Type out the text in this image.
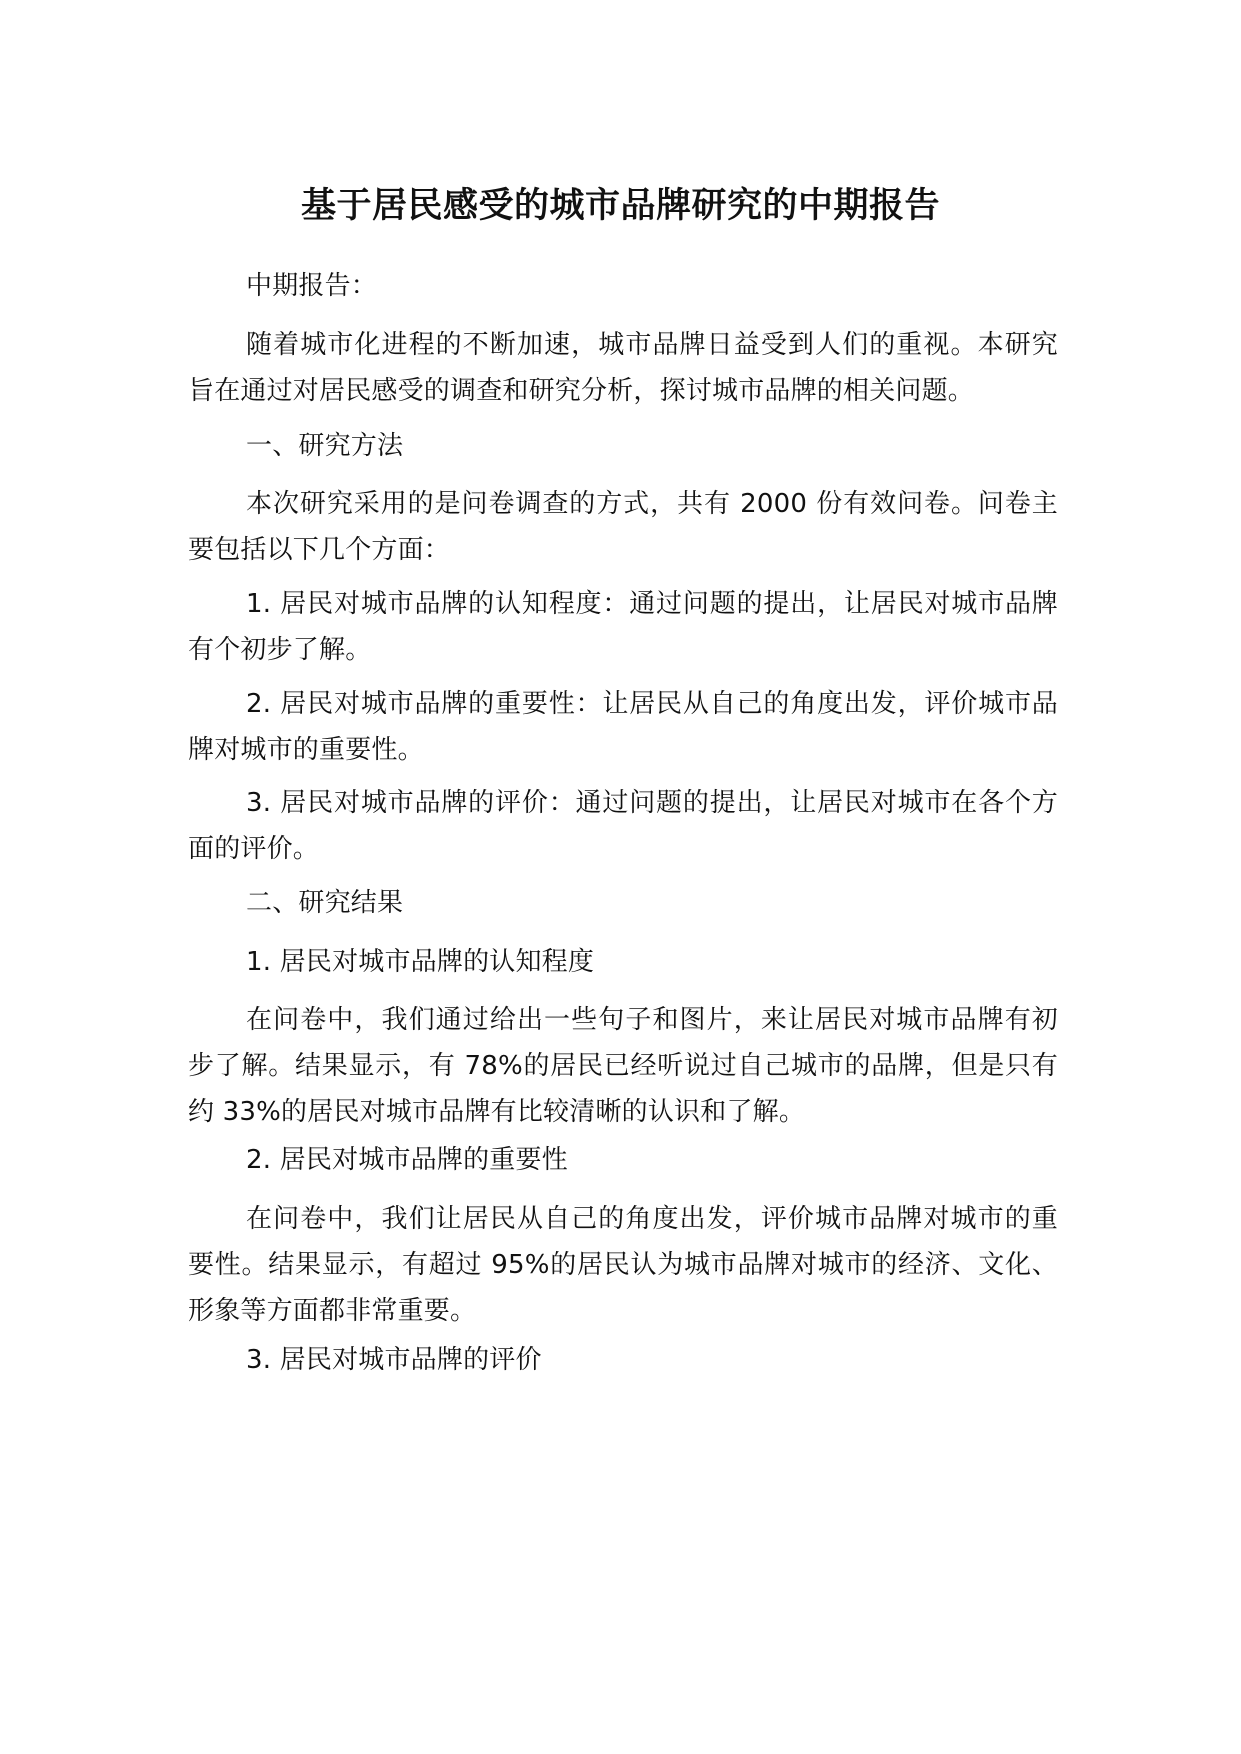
基于居民感受的城市品牌研究的中期报告

中期报告：

随着城市化进程的不断加速，城市品牌日益受到人们的重视。本研究旨在通过对居民感受的调查和研究分析，探讨城市品牌的相关问题。

一、研究方法

本次研究采用的是问卷调查的方式，共有 2000 份有效问卷。问卷主要包括以下几个方面：

1. 居民对城市品牌的认知程度：通过问题的提出，让居民对城市品牌有个初步了解。

2. 居民对城市品牌的重要性：让居民从自己的角度出发，评价城市品牌对城市的重要性。

3. 居民对城市品牌的评价：通过问题的提出，让居民对城市在各个方面的评价。

二、研究结果

1. 居民对城市品牌的认知程度

在问卷中，我们通过给出一些句子和图片，来让居民对城市品牌有初步了解。结果显示，有 78%的居民已经听说过自己城市的品牌，但是只有约 33%的居民对城市品牌有比较清晰的认识和了解。

2. 居民对城市品牌的重要性

在问卷中，我们让居民从自己的角度出发，评价城市品牌对城市的重要性。结果显示，有超过 95%的居民认为城市品牌对城市的经济、文化、形象等方面都非常重要。

3. 居民对城市品牌的评价
